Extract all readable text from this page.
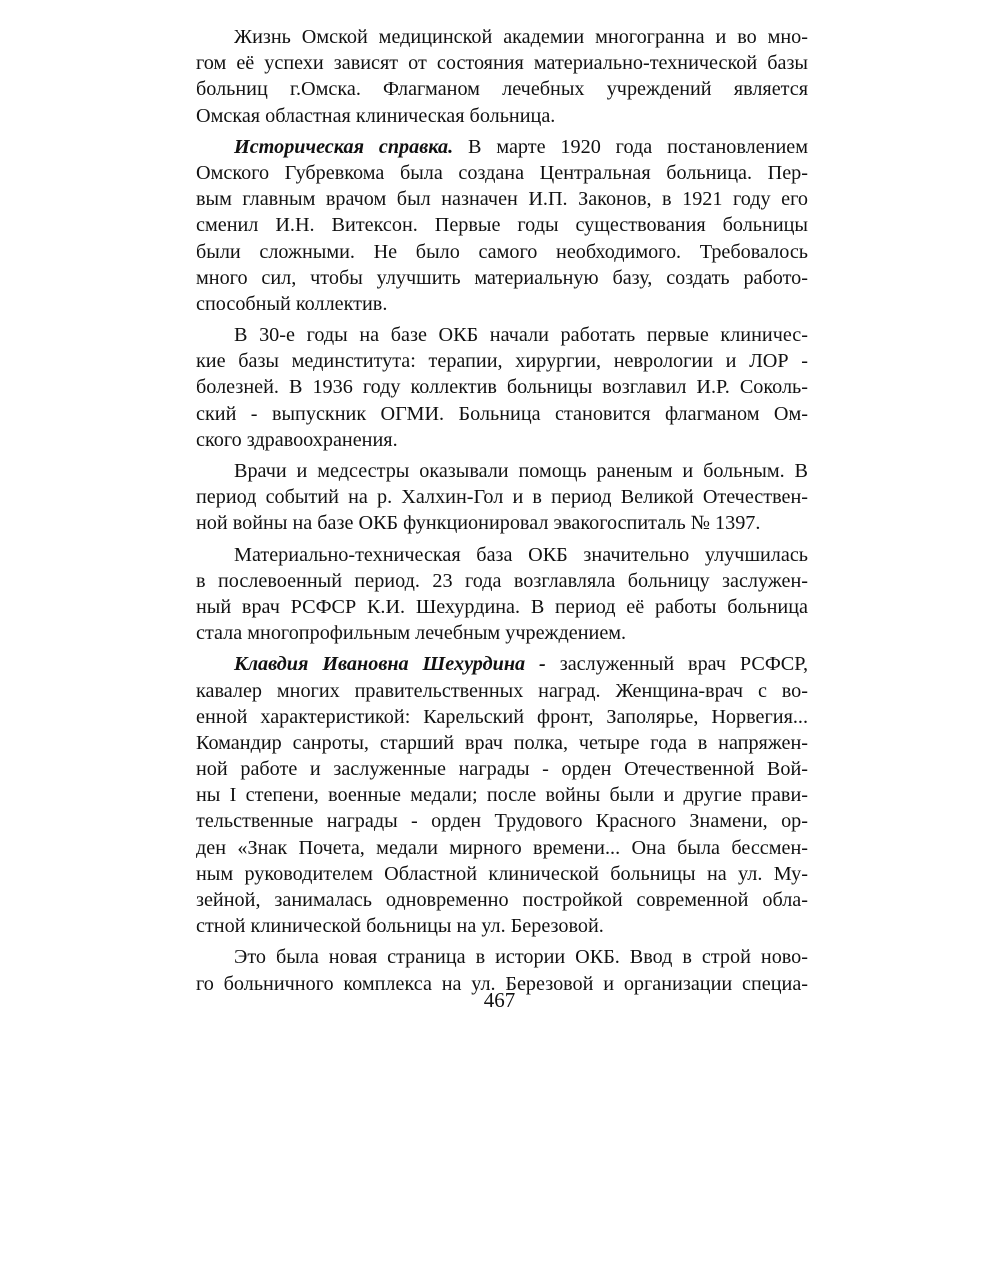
Жизнь Омской медицинской академии многогранна и во мно-
гом её успехи зависят от состояния материально-технической базы
больниц г.Омска. Флагманом лечебных учреждений является
Омская областная клиническая больница.
Историческая справка. В марте 1920 года постановлением
Омского Губревкома была создана Центральная больница. Пер-
вым главным врачом был назначен И.П. Законов, в 1921 году его
сменил И.Н. Витексон. Первые годы существования больницы
были сложными. Не было самого необходимого. Требовалось
много сил, чтобы улучшить материальную базу, создать работо-
способный коллектив.
В 30-е годы на базе ОКБ начали работать первые клиничес-
кие базы мединститута: терапии, хирургии, неврологии и ЛОР -
болезней. В 1936 году коллектив больницы возглавил И.Р. Соколь-
ский - выпускник ОГМИ. Больница становится флагманом Ом-
ского здравоохранения.
Врачи и медсестры оказывали помощь раненым и больным. В
период событий на р. Халхин-Гол и в период Великой Отечествен-
ной войны на базе ОКБ функционировал эвакогоспиталь № 1397.
Материально-техническая база ОКБ значительно улучшилась
в послевоенный период. 23 года возглавляла больницу заслужен-
ный врач РСФСР К.И. Шехурдина. В период её работы больница
стала многопрофильным лечебным учреждением.
Клавдия Ивановна Шехурдина - заслуженный врач РСФСР,
кавалер многих правительственных наград. Женщина-врач с во-
енной характеристикой: Карельский фронт, Заполярье, Норвегия...
Командир санроты, старший врач полка, четыре года в напряжен-
ной работе и заслуженные награды - орден Отечественной Вой-
ны I степени, военные медали; после войны были и другие прави-
тельственные награды - орден Трудового Красного Знамени, ор-
ден «Знак Почета, медали мирного времени... Она была бессмен-
ным руководителем Областной клинической больницы на ул. Му-
зейной, занималась одновременно постройкой современной обла-
стной клинической больницы на ул. Березовой.
Это была новая страница в истории ОКБ. Ввод в строй ново-
го больничного комплекса на ул. Березовой и организации специа-
467
